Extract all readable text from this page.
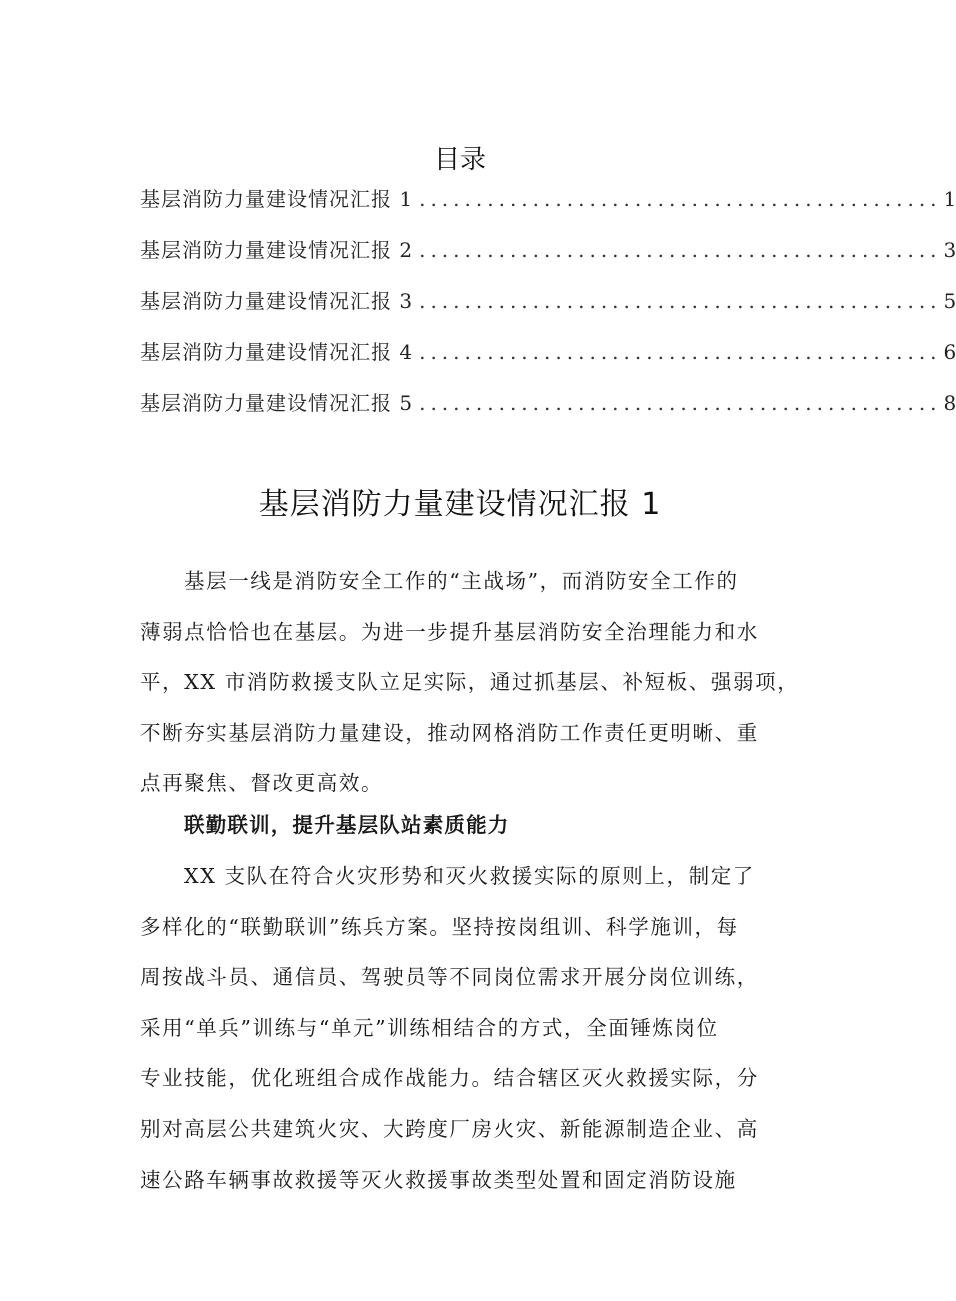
目录
基层消防力量建设情况汇报 1 .............................................. 1
基层消防力量建设情况汇报 2 .............................................. 3
基层消防力量建设情况汇报 3 .............................................. 5
基层消防力量建设情况汇报 4 .............................................. 6
基层消防力量建设情况汇报 5 .............................................. 8
基层消防力量建设情况汇报 1
基层一线是消防安全工作的“主战场”，而消防安全工作的
薄弱点恰恰也在基层。为进一步提升基层消防安全治理能力和水
平，XX 市消防救援支队立足实际，通过抓基层、补短板、强弱项，
不断夯实基层消防力量建设，推动网格消防工作责任更明晰、重
点再聚焦、督改更高效。
联勤联训，提升基层队站素质能力
XX 支队在符合火灾形势和灭火救援实际的原则上，制定了
多样化的“联勤联训”练兵方案。坚持按岗组训、科学施训，每
周按战斗员、通信员、驾驶员等不同岗位需求开展分岗位训练，
采用“单兵”训练与“单元”训练相结合的方式，全面锤炼岗位
专业技能，优化班组合成作战能力。结合辖区灭火救援实际，分
别对高层公共建筑火灾、大跨度厂房火灾、新能源制造企业、高
速公路车辆事故救援等灭火救援事故类型处置和固定消防设施
